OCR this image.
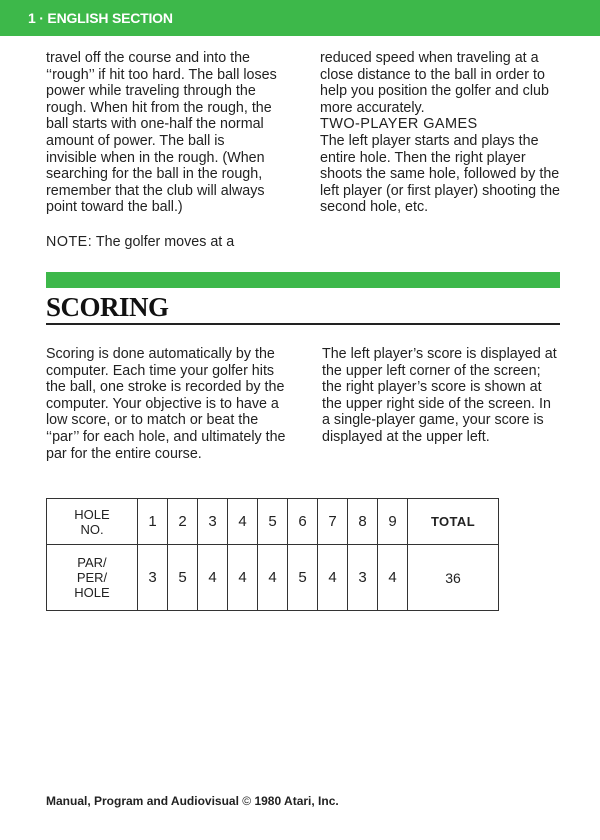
1 · ENGLISH SECTION

travel off the course and into the ‘‘rough’’ if hit too hard. The ball loses power while traveling through the rough. When hit from the rough, the ball starts with one-half the normal amount of power. The ball is invisible when in the rough. (When searching for the ball in the rough, remember that the club will always point toward the ball.)

NOTE: The golfer moves at a

reduced speed when traveling at a close distance to the ball in order to help you position the golfer and club more accurately.

TWO-PLAYER GAMES

The left player starts and plays the entire hole. Then the right player shoots the same hole, followed by the left player (or first player) shooting the second hole, etc.

SCORING

Scoring is done automatically by the computer. Each time your golfer hits the ball, one stroke is recorded by the computer. Your objective is to have a low score, or to match or beat the ‘‘par’’ for each hole, and ultimately the par for the entire course.

The left player’s score is displayed at the upper left corner of the screen; the right player’s score is shown at the upper right side of the screen. In a single-player game, your score is displayed at the upper left.

HOLE
NO.	1	2	3	4	5	6	7	8	9	TOTAL

PAR/
PER/
HOLE	3	5	4	4	4	5	4	3	4	36
Manual, Program and Audiovisual © 1980 Atari, Inc.
